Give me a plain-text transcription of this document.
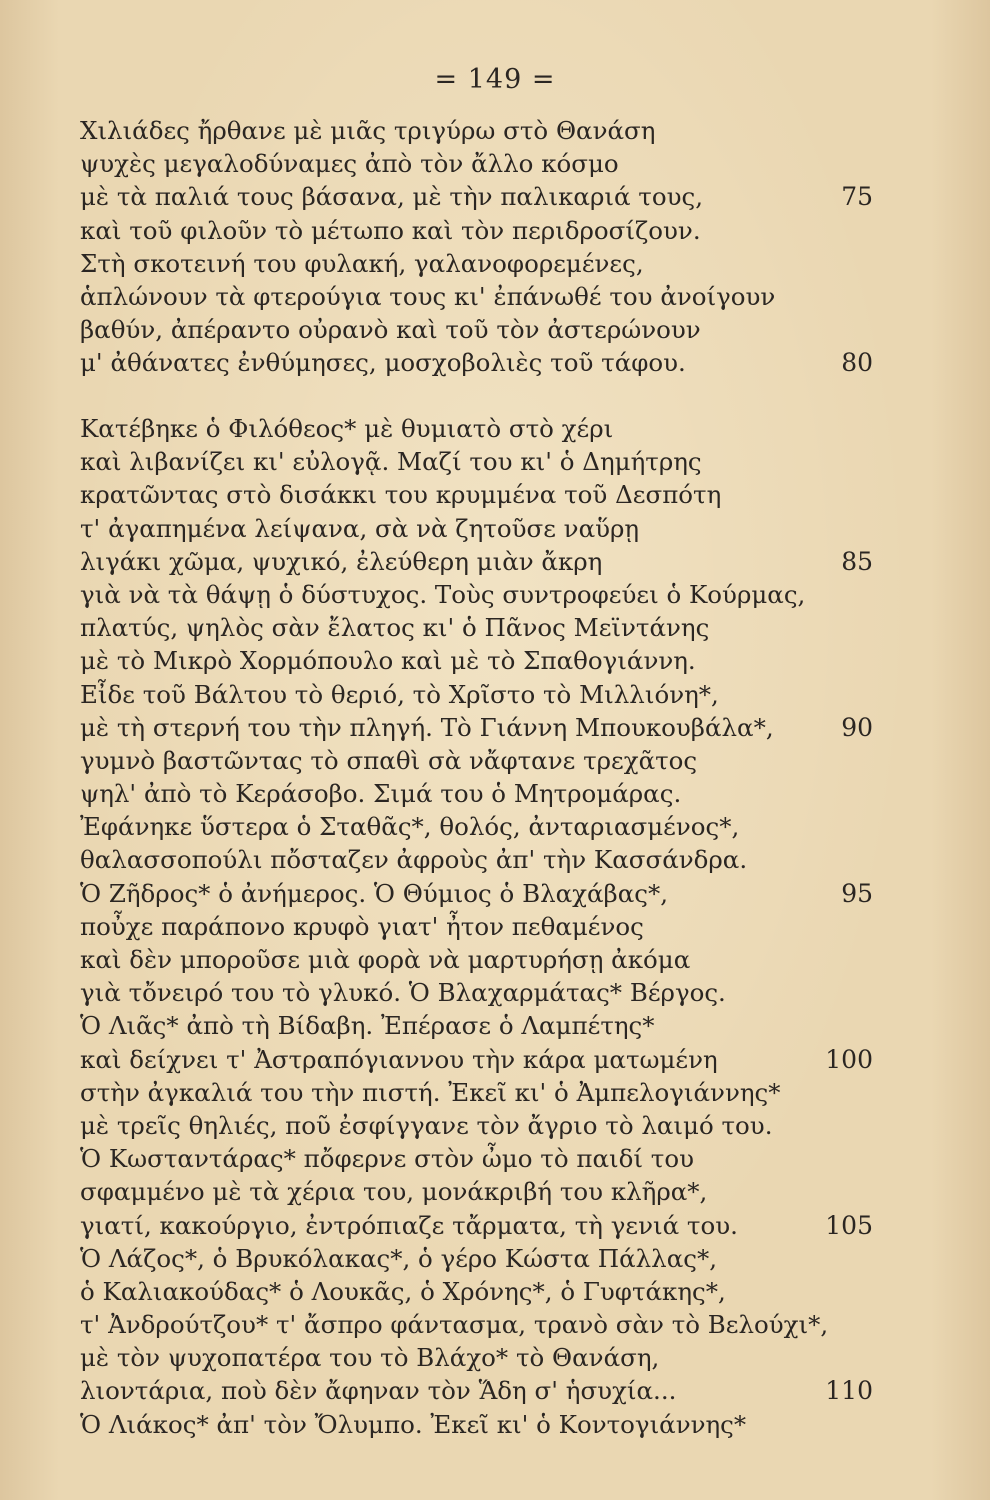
= 149 =
Χιλιάδες ἤρθανε μὲ μιᾶς τριγύρω στὸ Θανάση
ψυχὲς μεγαλοδύναμες ἀπὸ τὸν ἄλλο κόσμο
μὲ τὰ παλιά τους βάσανα, μὲ τὴν παλικαριά τους,	75
καὶ τοῦ φιλοῦν τὸ μέτωπο καὶ τὸν περιδροσίζουν.
Στὴ σκοτεινή του φυλακή, γαλανοφορεμένες,
ἁπλώνουν τὰ φτερούγια τους κι' ἐπάνωθέ του ἀνοίγουν
βαθύν, ἀπέραντο οὐρανὸ καὶ τοῦ τὸν ἀστερώνουν
μ' ἀθάνατες ἐνθύμησες, μοσχοβολιὲς τοῦ τάφου.	80
Κατέβηκε ὁ Φιλόθεος* μὲ θυμιατὸ στὸ χέρι
καὶ λιβανίζει κι' εὐλογᾷ. Μαζί του κι' ὁ Δημήτρης
κρατῶντας στὸ δισάκκι του κρυμμένα τοῦ Δεσπότη
τ' ἀγαπημένα λείψανα, σὰ νὰ ζητοῦσε ναὕρῃ
λιγάκι χῶμα, ψυχικό, ἐλεύθερη μιὰν ἄκρη	85
γιὰ νὰ τὰ θάψῃ ὁ δύστυχος. Τοὺς συντροφεύει ὁ Κούρμας,
πλατύς, ψηλὸς σὰν ἔλατος κι' ὁ Πᾶνος Μεϊντάνης
μὲ τὸ Μικρὸ Χορμόπουλο καὶ μὲ τὸ Σπαθογιάννη.
Εἶδε τοῦ Βάλτου τὸ θεριό, τὸ Χρῖστο τὸ Μιλλιόνη*,
μὲ τὴ στερνή του τὴν πληγή. Τὸ Γιάννη Μπουκουβάλα*,	90
γυμνὸ βαστῶντας τὸ σπαθὶ σὰ νἄφτανε τρεχᾶτος
ψηλ' ἀπὸ τὸ Κεράσοβο. Σιμά του ὁ Μητρομάρας.
Ἐφάνηκε ὕστερα ὁ Σταθᾶς*, θολός, ἀνταριασμένος*,
θαλασσοπούλι πὄσταζεν ἀφροὺς ἀπ' τὴν Κασσάνδρα.
Ὁ Ζῆδρος* ὁ ἀνήμερος. Ὁ Θύμιος ὁ Βλαχάβας*,	95
ποὖχε παράπονο κρυφὸ γιατ' ἦτον πεθαμένος
καὶ δὲν μποροῦσε μιὰ φορὰ νὰ μαρτυρήσῃ ἀκόμα
γιὰ τὄνειρό του τὸ γλυκό. Ὁ Βλαχαρμάτας* Βέργος.
Ὁ Λιᾶς* ἀπὸ τὴ Βίδαβη. Ἐπέρασε ὁ Λαμπέτης*
καὶ δείχνει τ' Ἀστραπόγιαννου τὴν κάρα ματωμένη	100
στὴν ἀγκαλιά του τὴν πιστή. Ἐκεῖ κι' ὁ Ἀμπελογιάννης*
μὲ τρεῖς θηλιές, ποῦ ἐσφίγγανε τὸν ἄγριο τὸ λαιμό του.
Ὁ Κωσταντάρας* πὄφερνε στὸν ὦμο τὸ παιδί του
σφαμμένο μὲ τὰ χέρια του, μονάκριβή του κλῆρα*,
γιατί, κακούργιο, ἐντρόπιαζε τἄρματα, τὴ γενιά του.	105
Ὁ Λάζος*, ὁ Βρυκόλακας*, ὁ γέρο Κώστα Πάλλας*,
ὁ Καλιακούδας* ὁ Λουκᾶς, ὁ Χρόνης*, ὁ Γυφτάκης*,
τ' Ἀνδρούτζου* τ' ἄσπρο φάντασμα, τρανὸ σὰν τὸ Βελούχι*,
μὲ τὸν ψυχοπατέρα του τὸ Βλάχο* τὸ Θανάση,
λιοντάρια, ποὺ δὲν ἄφηναν τὸν Ἅδη σ' ἡσυχία...	110
Ὁ Λιάκος* ἀπ' τὸν Ὄλυμπο. Ἐκεῖ κι' ὁ Κοντογιάννης*
